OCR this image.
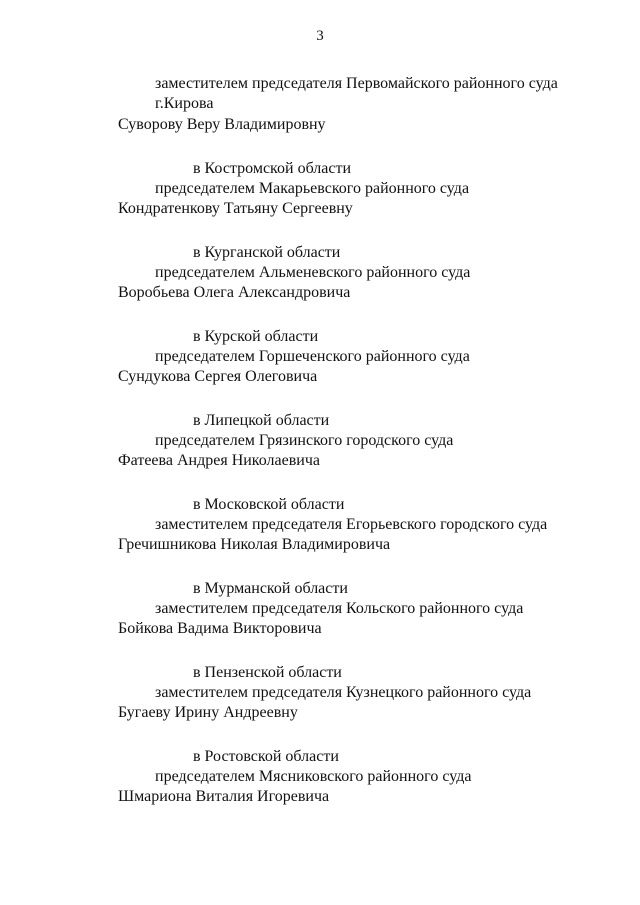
3
заместителем председателя Первомайского районного суда
г.Кирова
Суворову Веру Владимировну
в Костромской области
председателем Макарьевского районного суда
Кондратенкову Татьяну Сергеевну
в Курганской области
председателем Альменевского районного суда
Воробьева Олега Александровича
в Курской области
председателем Горшеченского районного суда
Сундукова Сергея Олеговича
в Липецкой области
председателем Грязинского городского суда
Фатеева Андрея Николаевича
в Московской области
заместителем председателя Егорьевского городского суда
Гречишникова Николая Владимировича
в Мурманской области
заместителем председателя Кольского районного суда
Бойкова Вадима Викторовича
в Пензенской области
заместителем председателя Кузнецкого районного суда
Бугаеву Ирину Андреевну
в Ростовской области
председателем Мясниковского районного суда
Шмариона Виталия Игоревича
